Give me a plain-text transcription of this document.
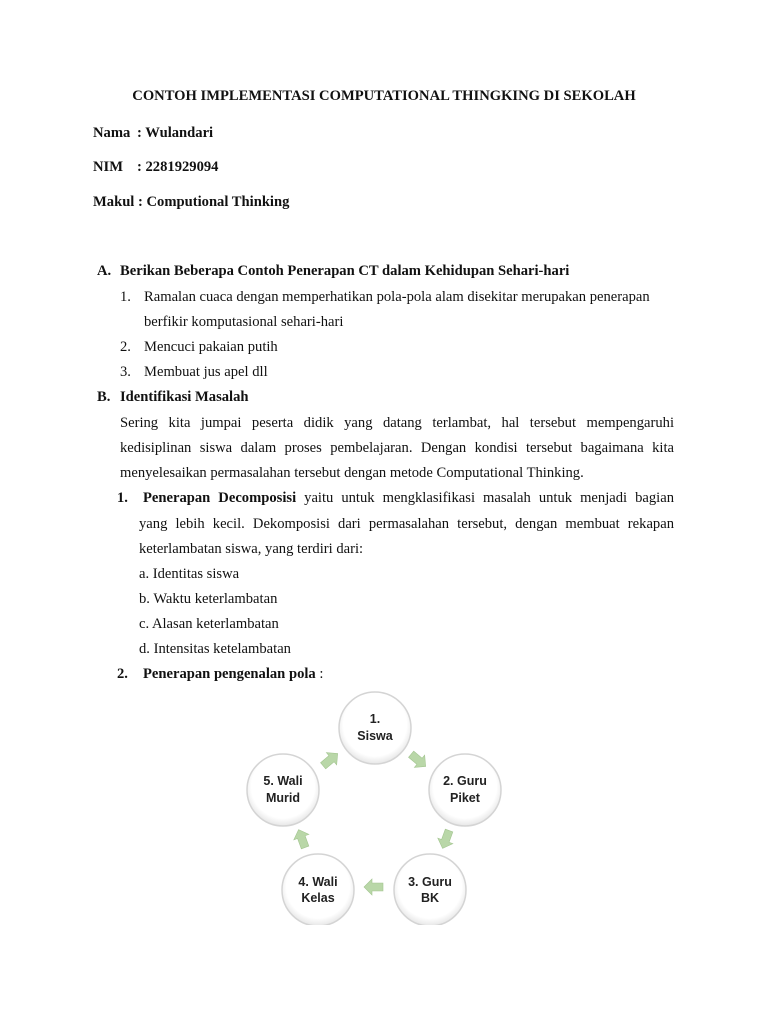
CONTOH IMPLEMENTASI COMPUTATIONAL THINGKING DI SEKOLAH
Nama : Wulandari
NIM : 2281929094
Makul : Computional Thinking
A. Berikan Beberapa Contoh Penerapan CT dalam Kehidupan Sehari-hari
1. Ramalan cuaca dengan memperhatikan pola-pola alam disekitar merupakan penerapan
berfikir komputasional sehari-hari
2. Mencuci pakaian putih
3. Membuat jus apel dll
B. Identifikasi Masalah
Sering kita jumpai peserta didik yang datang terlambat, hal tersebut mempengaruhi
kedisiplinan siswa dalam proses pembelajaran. Dengan kondisi tersebut bagaimana kita
menyelesaikan permasalahan tersebut dengan metode Computational Thinking.
1. Penerapan Decomposisi yaitu untuk mengklasifikasi masalah untuk menjadi bagian
yang lebih kecil. Dekomposisi dari permasalahan tersebut, dengan membuat rekapan
keterlambatan siswa, yang terdiri dari:
a. Identitas siswa
b. Waktu keterlambatan
c. Alasan keterlambatan
d. Intensitas ketelambatan
2. Penerapan pengenalan pola :
1.
Siswa
2. Guru
Piket
3. Guru
BK
4. Wali
Kelas
5. Wali
Murid
